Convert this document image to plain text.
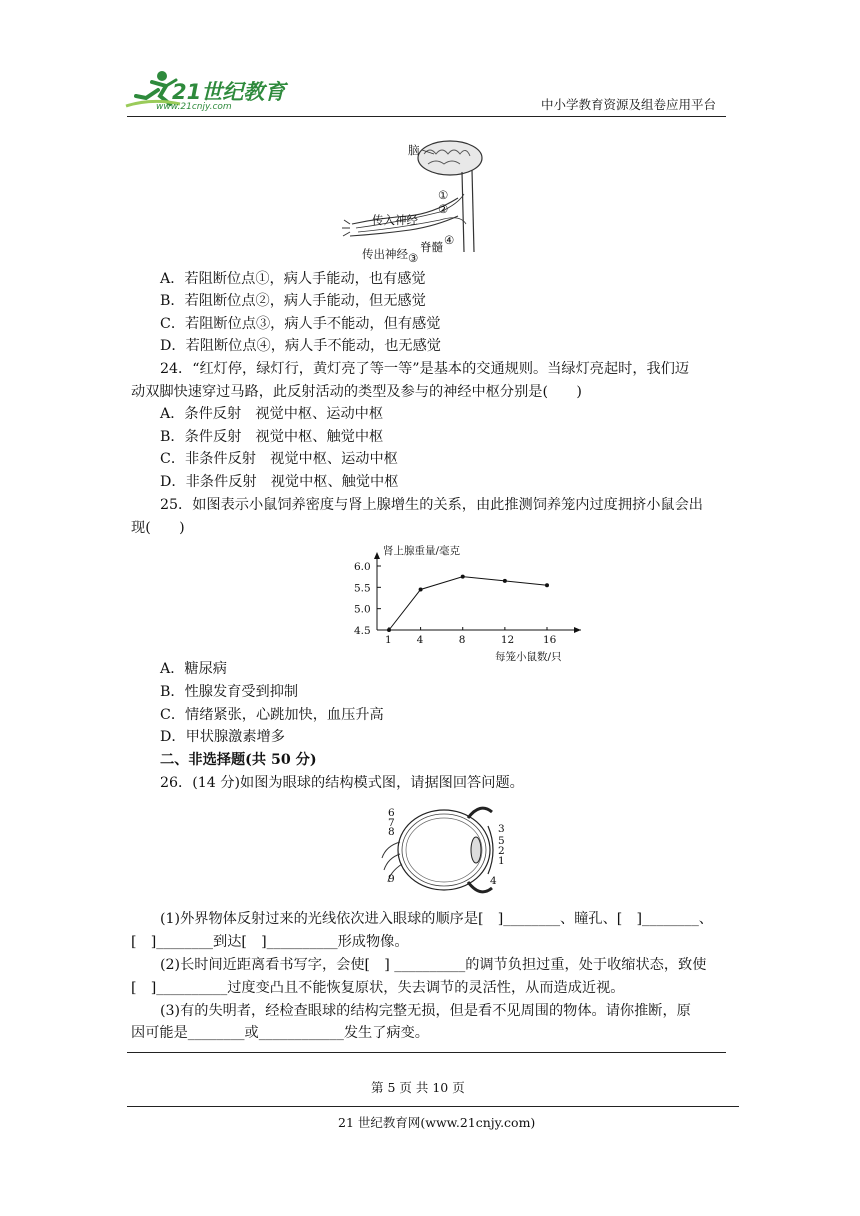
21世纪教育
www.21cnjy.com	中小学教育资源及组卷应用平台
脑
传入神经
传出神经 脊髓
①
②
③
④
A．若阻断位点①，病人手能动，也有感觉
B．若阻断位点②，病人手能动，但无感觉
C．若阻断位点③，病人手不能动，但有感觉
D．若阻断位点④，病人手不能动，也无感觉
24．“红灯停，绿灯行，黄灯亮了等一等”是基本的交通规则。当绿灯亮起时，我们迈
动双脚快速穿过马路，此反射活动的类型及参与的神经中枢分别是(　　)
A．条件反射　视觉中枢、运动中枢
B．条件反射　视觉中枢、触觉中枢
C．非条件反射　视觉中枢、运动中枢
D．非条件反射　视觉中枢、触觉中枢
25．如图表示小鼠饲养密度与肾上腺增生的关系，由此推测饲养笼内过度拥挤小鼠会出
现(　　)
肾上腺重量/毫克
每笼小鼠数/只
1 4	8	12	16
4.5
5.0
5.5
6.0
A．糖尿病
B．性腺发育受到抑制
C．情绪紧张，心跳加快，血压升高
D．甲状腺激素增多
二、非选择题(共 50 分)
26．(14 分)如图为眼球的结构模式图，请据图回答问题。
6
7
8
9
3
5
2
1
4
(1)外界物体反射过来的光线依次进入眼球的顺序是[　]________、瞳孔、[　]________、
[　]________到达[　]__________形成物像。
(2)长时间近距离看书写字，会使[　] __________的调节负担过重，处于收缩状态，致使
[　]__________过度变凸且不能恢复原状，失去调节的灵活性，从而造成近视。
(3)有的失明者，经检查眼球的结构完整无损，但是看不见周围的物体。请你推断，原
因可能是________或____________发生了病变。
第 5 页 共 10 页
21 世纪教育网(www.21cnjy.com)
